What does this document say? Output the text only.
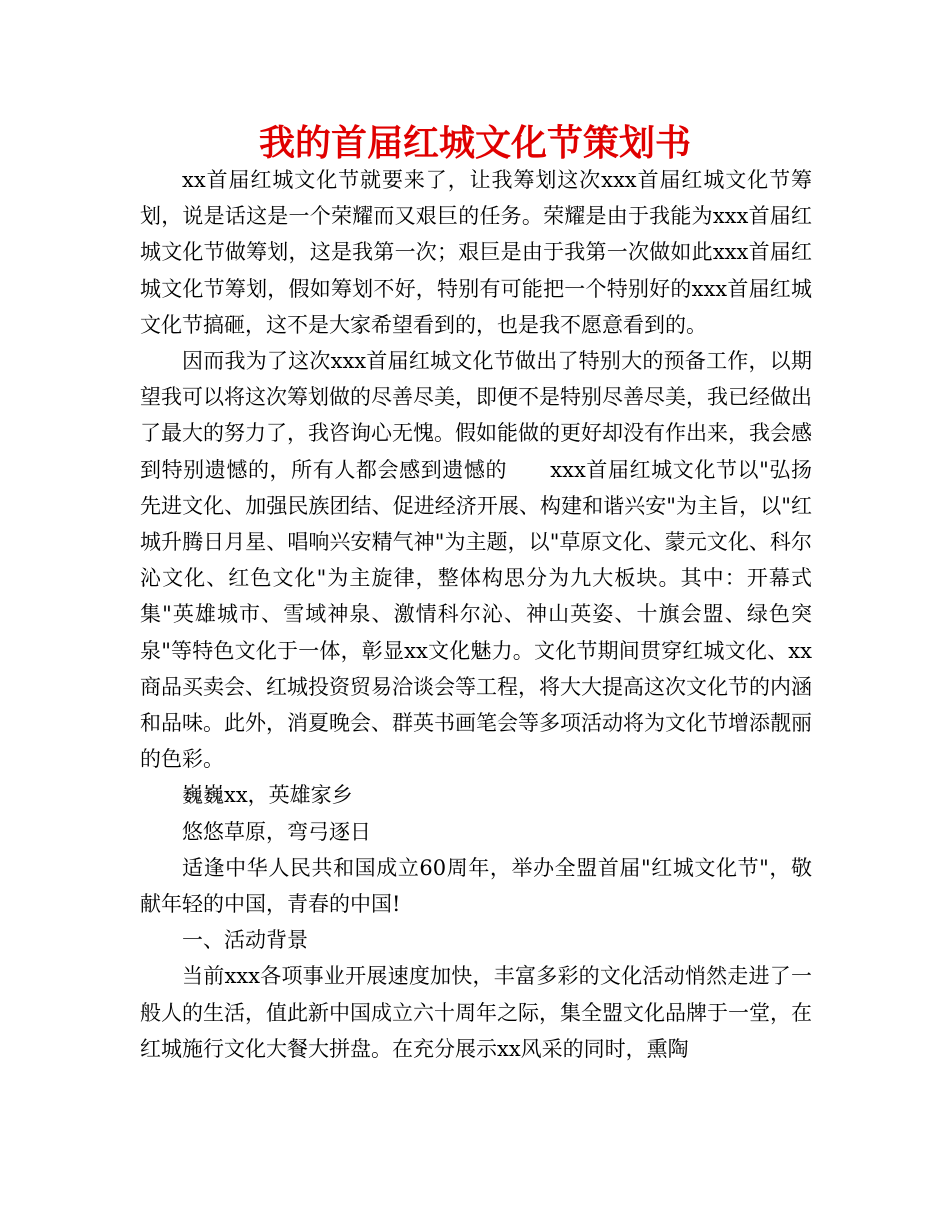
我的首届红城文化节策划书

xx首届红城文化节就要来了，让我筹划这次xxx首届红城文化节筹划，说是话这是一个荣耀而又艰巨的任务。荣耀是由于我能为xxx首届红城文化节做筹划，这是我第一次；艰巨是由于我第一次做如此xxx首届红城文化节筹划，假如筹划不好，特别有可能把一个特别好的xxx首届红城文化节搞砸，这不是大家希望看到的，也是我不愿意看到的。

因而我为了这次xxx首届红城文化节做出了特别大的预备工作，以期望我可以将这次筹划做的尽善尽美，即便不是特别尽善尽美，我已经做出了最大的努力了，我咨询心无愧。假如能做的更好却没有作出来，我会感到特别遗憾的，所有人都会感到遗憾的　　xxx首届红城文化节以"弘扬先进文化、加强民族团结、促进经济开展、构建和谐兴安"为主旨，以"红城升腾日月星、唱响兴安精气神"为主题，以"草原文化、蒙元文化、科尔沁文化、红色文化"为主旋律，整体构思分为九大板块。其中：开幕式集"英雄城市、雪域神泉、激情科尔沁、神山英姿、十旗会盟、绿色突泉"等特色文化于一体，彰显xx文化魅力。文化节期间贯穿红城文化、xx商品买卖会、红城投资贸易洽谈会等工程，将大大提高这次文化节的内涵和品味。此外，消夏晚会、群英书画笔会等多项活动将为文化节增添靓丽的色彩。

巍巍xx，英雄家乡

悠悠草原，弯弓逐日

适逢中华人民共和国成立60周年，举办全盟首届"红城文化节"，敬献年轻的中国，青春的中国!

一、活动背景

当前xxx各项事业开展速度加快，丰富多彩的文化活动悄然走进了一般人的生活，值此新中国成立六十周年之际，集全盟文化品牌于一堂，在红城施行文化大餐大拼盘。在充分展示xx风采的同时，熏陶
